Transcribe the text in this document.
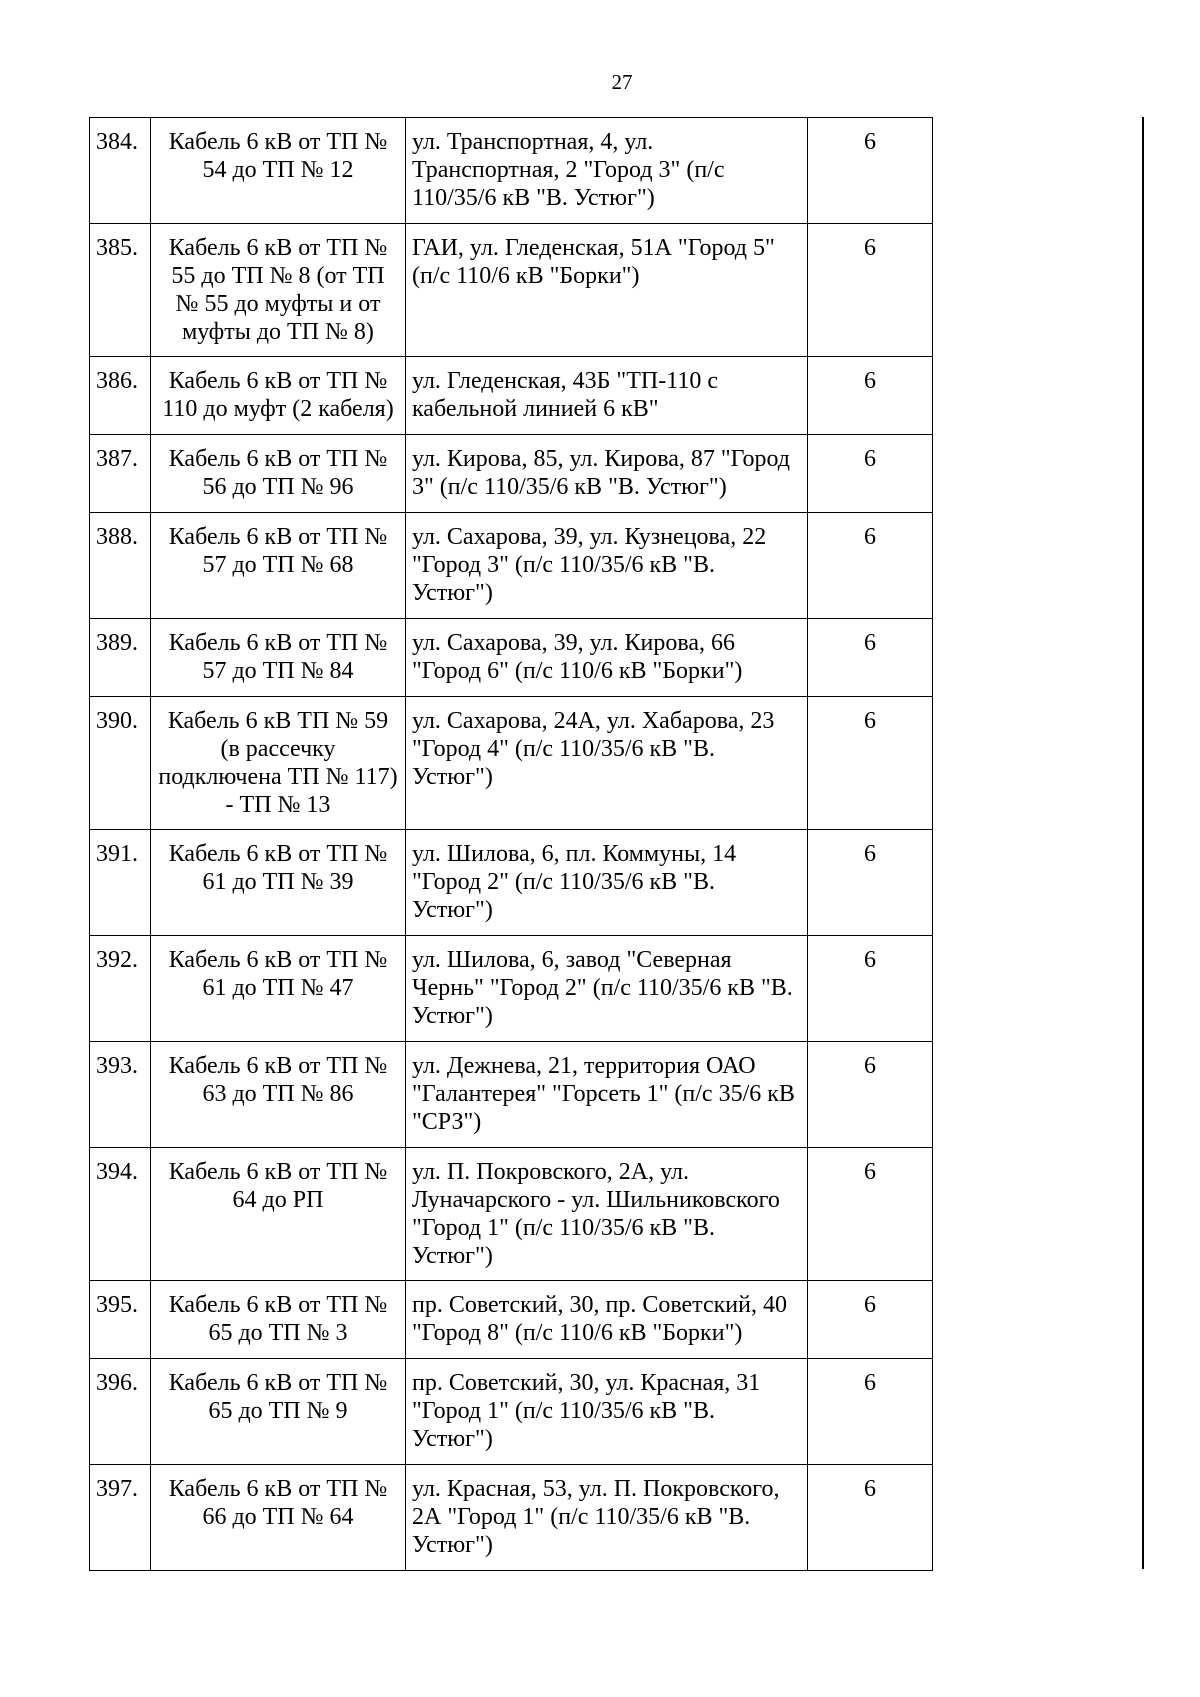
27
384.	Кабель 6 кВ от ТП № 54 до ТП № 12	ул. Транспортная, 4, ул. Транспортная, 2 "Город 3" (п/с 110/35/6 кВ "В. Устюг")	6
385.	Кабель 6 кВ от ТП № 55 до ТП № 8 (от ТП № 55 до муфты и от муфты до ТП № 8)	ГАИ, ул. Гледенская, 51А "Город 5" (п/с 110/6 кВ "Борки")	6
386.	Кабель 6 кВ от ТП № 110 до муфт (2 кабеля)	ул. Гледенская, 43Б "ТП-110 с кабельной линией 6 кВ"	6
387.	Кабель 6 кВ от ТП № 56 до ТП № 96	ул. Кирова, 85, ул. Кирова, 87 "Город 3" (п/с 110/35/6 кВ "В. Устюг")	6
388.	Кабель 6 кВ от ТП № 57 до ТП № 68	ул. Сахарова, 39, ул. Кузнецова, 22 "Город 3" (п/с 110/35/6 кВ "В. Устюг")	6
389.	Кабель 6 кВ от ТП № 57 до ТП № 84	ул. Сахарова, 39, ул. Кирова, 66 "Город 6" (п/с 110/6 кВ "Борки")	6
390.	Кабель 6 кВ ТП № 59 (в рассечку подключена ТП № 117) - ТП № 13	ул. Сахарова, 24А, ул. Хабарова, 23 "Город 4" (п/с 110/35/6 кВ "В. Устюг")	6
391.	Кабель 6 кВ от ТП № 61 до ТП № 39	ул. Шилова, 6, пл. Коммуны, 14 "Город 2" (п/с 110/35/6 кВ "В. Устюг")	6
392.	Кабель 6 кВ от ТП № 61 до ТП № 47	ул. Шилова, 6, завод "Северная Чернь" "Город 2" (п/с 110/35/6 кВ "В. Устюг")	6
393.	Кабель 6 кВ от ТП № 63 до ТП № 86	ул. Дежнева, 21, территория ОАО "Галантерея" "Горсеть 1" (п/с 35/6 кВ "СРЗ")	6
394.	Кабель 6 кВ от ТП № 64 до РП	ул. П. Покровского, 2А, ул. Луначарского - ул. Шильниковского "Город 1" (п/с 110/35/6 кВ "В. Устюг")	6
395.	Кабель 6 кВ от ТП № 65 до ТП № 3	пр. Советский, 30, пр. Советский, 40 "Город 8" (п/с 110/6 кВ "Борки")	6
396.	Кабель 6 кВ от ТП № 65 до ТП № 9	пр. Советский, 30, ул. Красная, 31 "Город 1" (п/с 110/35/6 кВ "В. Устюг")	6
397.	Кабель 6 кВ от ТП № 66 до ТП № 64	ул. Красная, 53, ул. П. Покровского, 2А "Город 1" (п/с 110/35/6 кВ "В. Устюг")	6
